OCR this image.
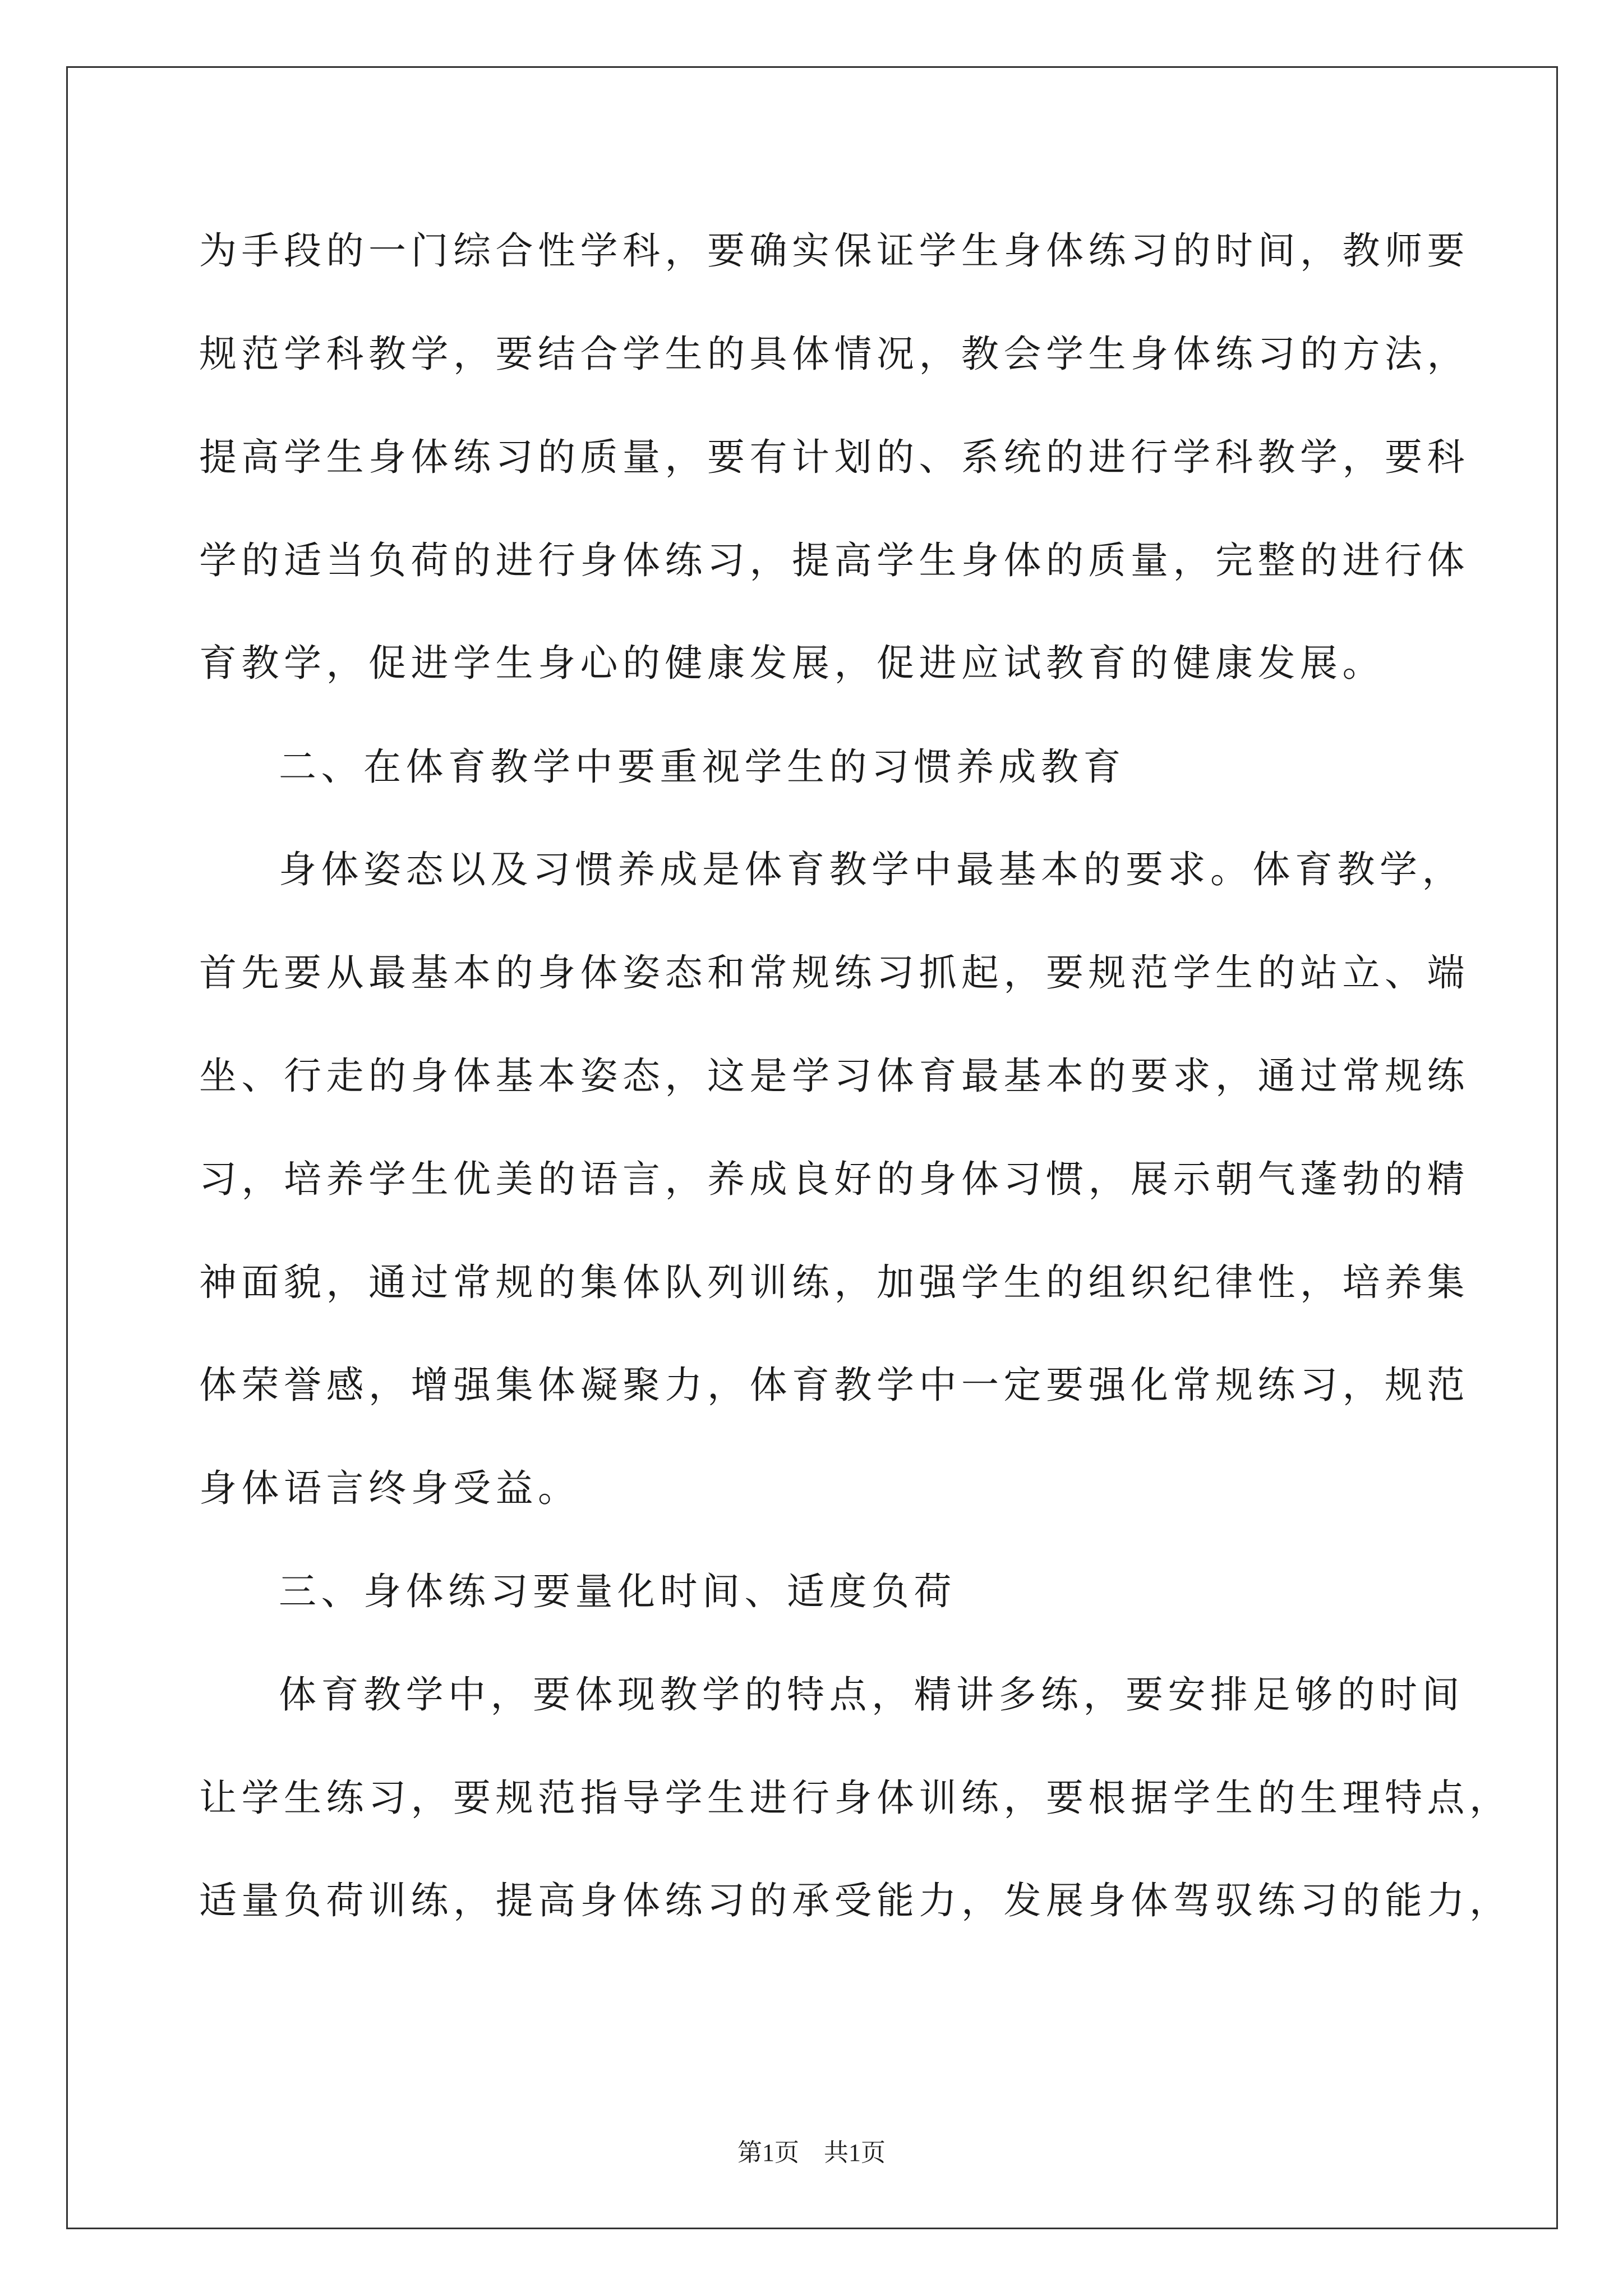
为手段的一门综合性学科，要确实保证学生身体练习的时间，教师要
规范学科教学，要结合学生的具体情况，教会学生身体练习的方法，
提高学生身体练习的质量，要有计划的、系统的进行学科教学，要科
学的适当负荷的进行身体练习，提高学生身体的质量，完整的进行体
育教学，促进学生身心的健康发展，促进应试教育的健康发展。
二、在体育教学中要重视学生的习惯养成教育
身体姿态以及习惯养成是体育教学中最基本的要求。体育教学，
首先要从最基本的身体姿态和常规练习抓起，要规范学生的站立、端
坐、行走的身体基本姿态，这是学习体育最基本的要求，通过常规练
习，培养学生优美的语言，养成良好的身体习惯，展示朝气蓬勃的精
神面貌，通过常规的集体队列训练，加强学生的组织纪律性，培养集
体荣誉感，增强集体凝聚力，体育教学中一定要强化常规练习，规范
身体语言终身受益。
三、身体练习要量化时间、适度负荷
体育教学中，要体现教学的特点，精讲多练，要安排足够的时间
让学生练习，要规范指导学生进行身体训练，要根据学生的生理特点，
适量负荷训练，提高身体练习的承受能力，发展身体驾驭练习的能力，
第1页　共1页
